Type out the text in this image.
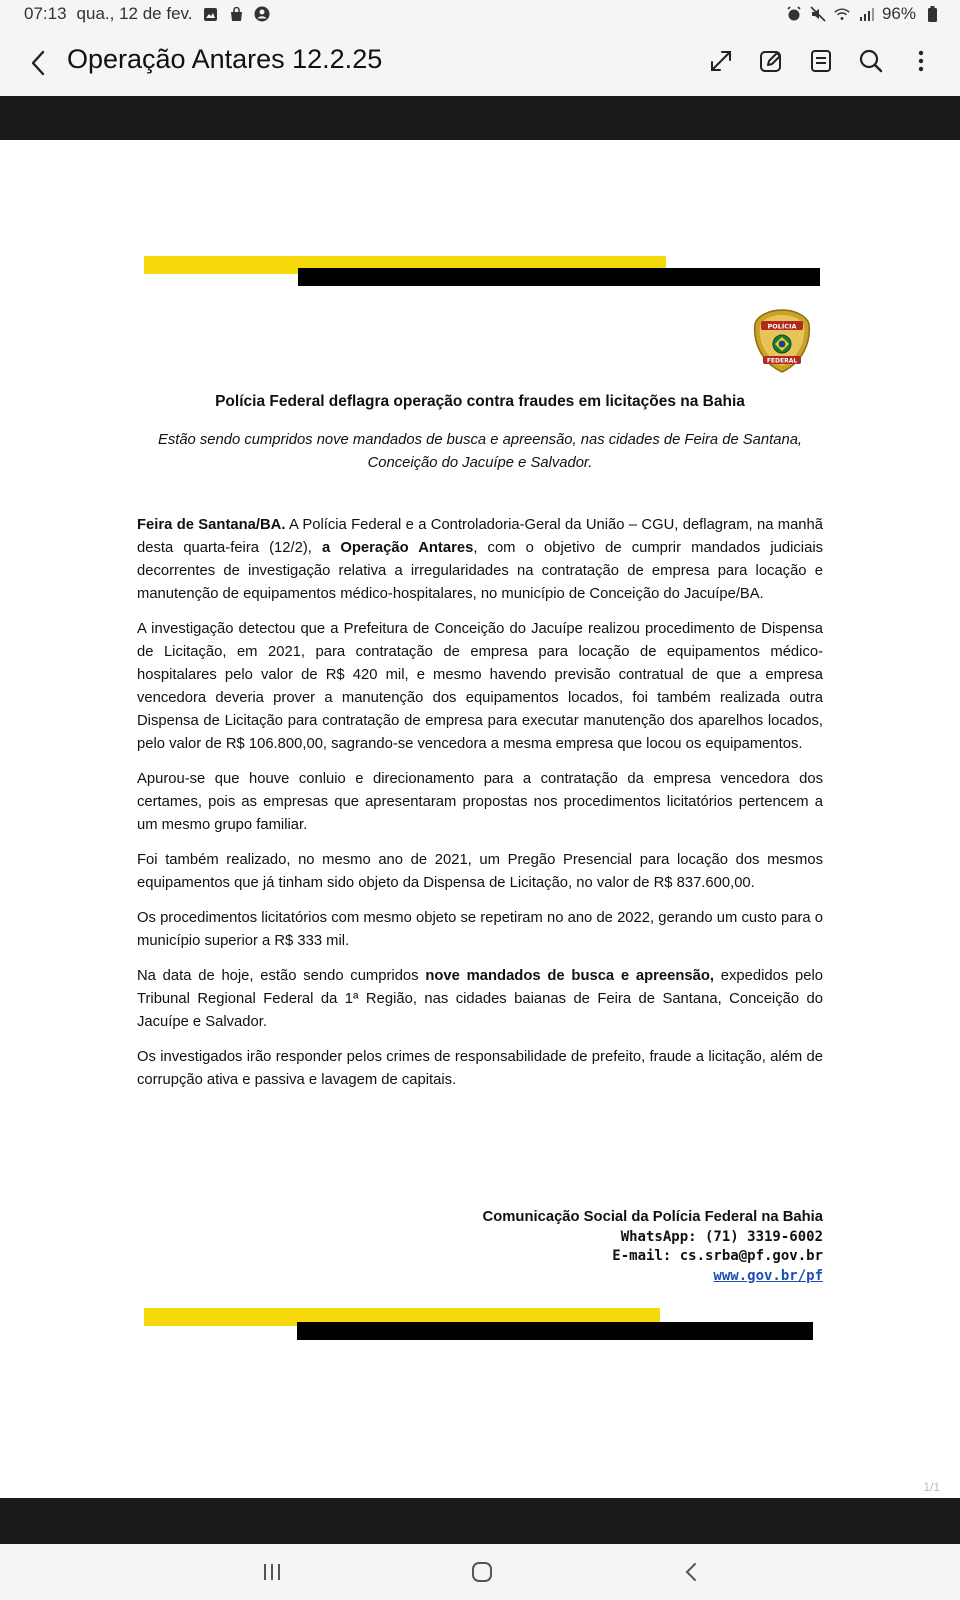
07:13 qua., 12 de fev.	96%
Operação Antares 12.2.25
POLÍCIA
FEDERAL
Polícia Federal deflagra operação contra fraudes em licitações na Bahia
Estão sendo cumpridos nove mandados de busca e apreensão, nas cidades de Feira de Santana, Conceição do Jacuípe e Salvador.

Feira de Santana/BA. A Polícia Federal e a Controladoria-Geral da União – CGU, deflagram, na manhã desta quarta-feira (12/2), a Operação Antares, com o objetivo de cumprir mandados judiciais decorrentes de investigação relativa a irregularidades na contratação de empresa para locação e manutenção de equipamentos médico-hospitalares, no município de Conceição do Jacuípe/BA.

A investigação detectou que a Prefeitura de Conceição do Jacuípe realizou procedimento de Dispensa de Licitação, em 2021, para contratação de empresa para locação de equipamentos médico-hospitalares pelo valor de R$ 420 mil, e mesmo havendo previsão contratual de que a empresa vencedora deveria prover a manutenção dos equipamentos locados, foi também realizada outra Dispensa de Licitação para contratação de empresa para executar manutenção dos aparelhos locados, pelo valor de R$ 106.800,00, sagrando-se vencedora a mesma empresa que locou os equipamentos.

Apurou-se que houve conluio e direcionamento para a contratação da empresa vencedora dos certames, pois as empresas que apresentaram propostas nos procedimentos licitatórios pertencem a um mesmo grupo familiar.

Foi também realizado, no mesmo ano de 2021, um Pregão Presencial para locação dos mesmos equipamentos que já tinham sido objeto da Dispensa de Licitação, no valor de R$ 837.600,00.

Os procedimentos licitatórios com mesmo objeto se repetiram no ano de 2022, gerando um custo para o município superior a R$ 333 mil.

Na data de hoje, estão sendo cumpridos nove mandados de busca e apreensão, expedidos pelo Tribunal Regional Federal da 1ª Região, nas cidades baianas de Feira de Santana, Conceição do Jacuípe e Salvador.

Os investigados irão responder pelos crimes de responsabilidade de prefeito, fraude a licitação, além de corrupção ativa e passiva e lavagem de capitais.

Comunicação Social da Polícia Federal na Bahia
WhatsApp: (71) 3319-6002
E-mail: cs.srba@pf.gov.br
www.gov.br/pf
1/1
